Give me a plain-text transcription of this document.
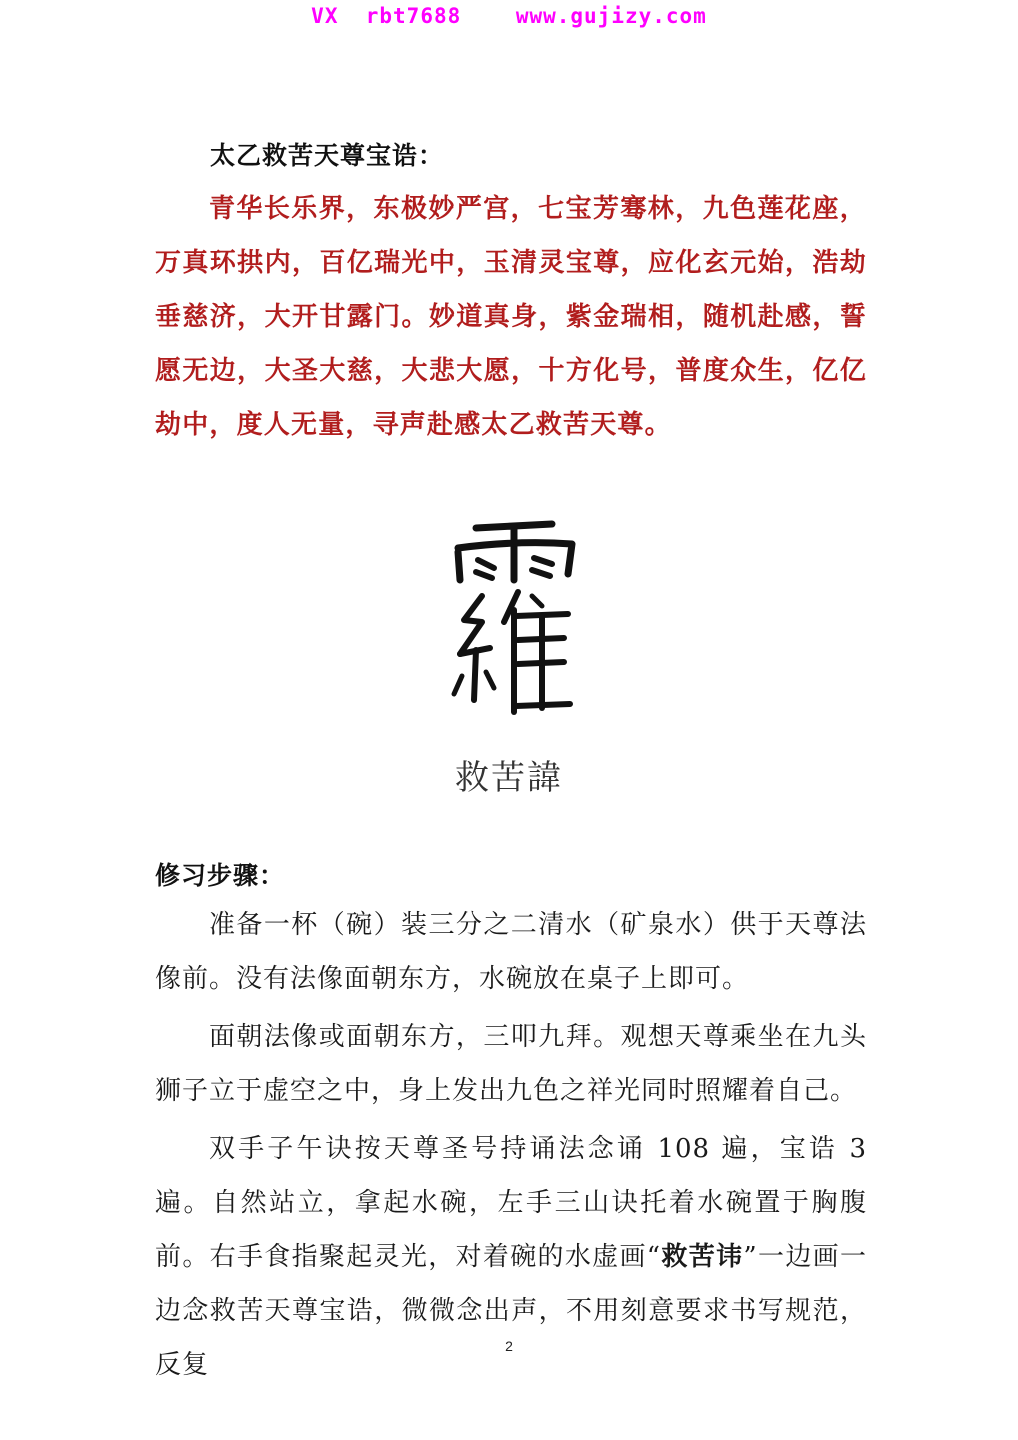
VX  rbt7688    www.gujizy.com
太乙救苦天尊宝诰：

青华长乐界，东极妙严宫，七宝芳骞林，九色莲花座，万真环拱内，百亿瑞光中，玉清灵宝尊，应化玄元始，浩劫垂慈济，大开甘露门。妙道真身，紫金瑞相，随机赴感，誓愿无边，大圣大慈，大悲大愿，十方化号，普度众生，亿亿劫中，度人无量，寻声赴感太乙救苦天尊。

救苦諱
修习步骤：

准备一杯（碗）装三分之二清水（矿泉水）供于天尊法像前。没有法像面朝东方，水碗放在桌子上即可。

面朝法像或面朝东方，三叩九拜。观想天尊乘坐在九头狮子立于虚空之中，身上发出九色之祥光同时照耀着自己。

双手子午诀按天尊圣号持诵法念诵 108 遍，宝诰 3 遍。自然站立，拿起水碗，左手三山诀托着水碗置于胸腹前。右手食指聚起灵光，对着碗的水虚画“救苦讳”一边画一边念救苦天尊宝诰，微微念出声，不用刻意要求书写规范，反复

2
